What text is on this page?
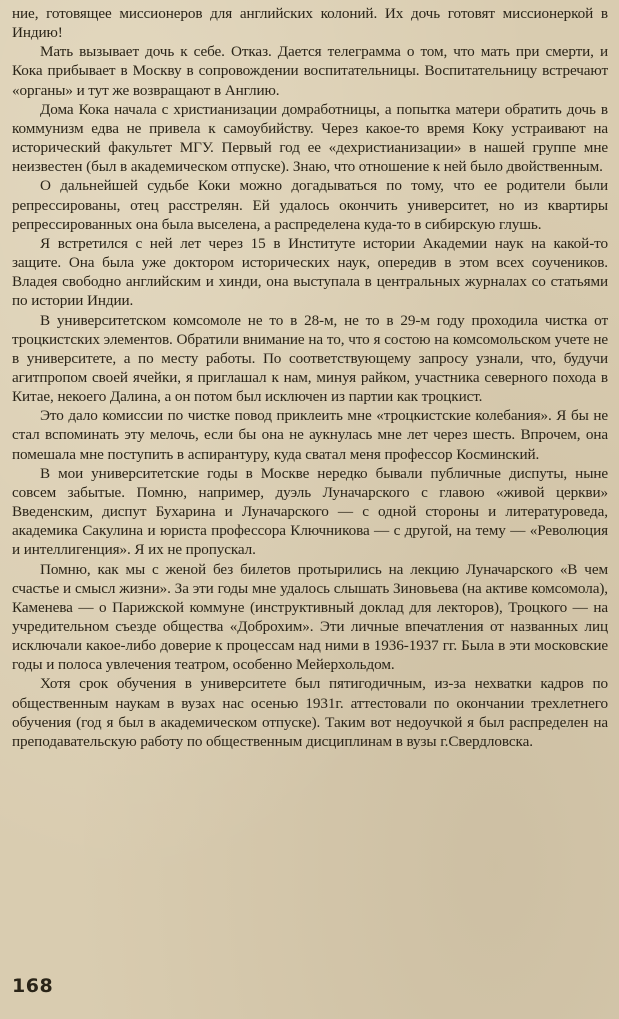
ние, готовящее миссионеров для английских колоний. Их дочь готовят миссионеркой в Индию!

Мать вызывает дочь к себе. Отказ. Дается телеграмма о том, что мать при смерти, и Кока прибывает в Москву в сопровождении воспитательницы. Воспитательницу встречают «органы» и тут же возвращают в Англию.

Дома Кока начала с христианизации домработницы, а попытка матери обратить дочь в коммунизм едва не привела к самоубийству. Через какое-то время Коку устраивают на исторический факультет МГУ. Первый год ее «дехристианизации» в нашей группе мне неизвестен (был в академическом отпуске). Знаю, что отношение к ней было двойственным.

О дальнейшей судьбе Коки можно догадываться по тому, что ее родители были репрессированы, отец расстрелян. Ей удалось окончить университет, но из квартиры репрессированных она была выселена, а распределена куда-то в сибирскую глушь.

Я встретился с ней лет через 15 в Институте истории Академии наук на какой-то защите. Она была уже доктором исторических наук, опередив в этом всех соучеников. Владея свободно английским и хинди, она выступала в центральных журналах со статьями по истории Индии.

В университетском комсомоле не то в 28-м, не то в 29-м году проходила чистка от троцкистских элементов. Обратили внимание на то, что я состою на комсомольском учете не в университете, а по месту работы. По соответствующему запросу узнали, что, будучи агитпропом своей ячейки, я приглашал к нам, минуя райком, участника северного похода в Китае, некоего Далина, а он потом был исключен из партии как троцкист.

Это дало комиссии по чистке повод приклеить мне «троцкистские колебания». Я бы не стал вспоминать эту мелочь, если бы она не аукнулась мне лет через шесть. Впрочем, она помешала мне поступить в аспирантуру, куда сватал меня профессор Косминский.

В мои университетские годы в Москве нередко бывали публичные диспуты, ныне совсем забытые. Помню, например, дуэль Луначарского с главою «живой церкви» Введенским, диспут Бухарина и Луначарского — с одной стороны и литературоведа, академика Сакулина и юриста профессора Ключникова — с другой, на тему — «Революция и интеллигенция». Я их не пропускал.

Помню, как мы с женой без билетов протырились на лекцию Луначарского «В чем счастье и смысл жизни». За эти годы мне удалось слышать Зиновьева (на активе комсомола), Каменева — о Парижской коммуне (инструктивный доклад для лекторов), Троцкого — на учредительном съезде общества «Доброхим». Эти личные впечатления от названных лиц исключали какое-либо доверие к процессам над ними в 1936-1937 гг. Была в эти московские годы и полоса увлечения театром, особенно Мейерхольдом.

Хотя срок обучения в университете был пятигодичным, из-за нехватки кадров по общественным наукам в вузах нас осенью 1931г. аттестовали по окончании трехлетнего обучения (год я был в академическом отпуске). Таким вот недоучкой я был распределен на преподавательскую работу по общественным дисциплинам в вузы г.Свердловска.

168
